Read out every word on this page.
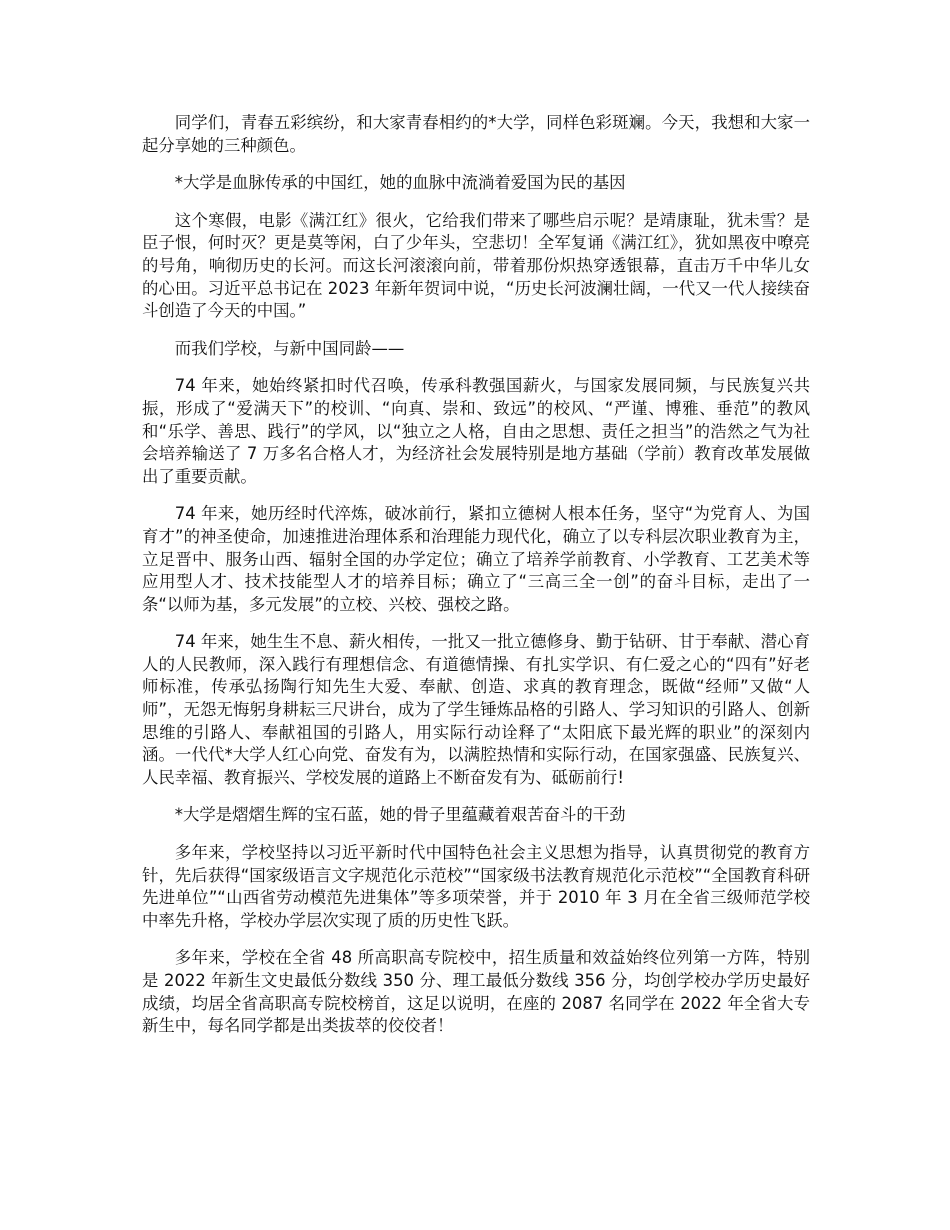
同学们，青春五彩缤纷，和大家青春相约的*大学，同样色彩斑斓。今天，我想和大家一起分享她的三种颜色。

*大学是血脉传承的中国红，她的血脉中流淌着爱国为民的基因

这个寒假，电影《满江红》很火，它给我们带来了哪些启示呢？是靖康耻，犹未雪？是臣子恨，何时灭？更是莫等闲，白了少年头，空悲切！全军复诵《满江红》，犹如黑夜中嘹亮的号角，响彻历史的长河。而这长河滚滚向前，带着那份炽热穿透银幕，直击万千中华儿女的心田。习近平总书记在 2023 年新年贺词中说，“历史长河波澜壮阔，一代又一代人接续奋斗创造了今天的中国。”

而我们学校，与新中国同龄——

74 年来，她始终紧扣时代召唤，传承科教强国薪火，与国家发展同频，与民族复兴共振，形成了“爱满天下”的校训、“向真、崇和、致远”的校风、“严谨、博雅、垂范”的教风和“乐学、善思、践行”的学风，以“独立之人格，自由之思想、责任之担当”的浩然之气为社会培养输送了 7 万多名合格人才，为经济社会发展特别是地方基础（学前）教育改革发展做出了重要贡献。

74 年来，她历经时代淬炼，破冰前行，紧扣立德树人根本任务，坚守“为党育人、为国育才”的神圣使命，加速推进治理体系和治理能力现代化，确立了以专科层次职业教育为主，立足晋中、服务山西、辐射全国的办学定位；确立了培养学前教育、小学教育、工艺美术等应用型人才、技术技能型人才的培养目标；确立了“三高三全一创”的奋斗目标，走出了一条“以师为基，多元发展”的立校、兴校、强校之路。

74 年来，她生生不息、薪火相传，一批又一批立德修身、勤于钻研、甘于奉献、潜心育人的人民教师，深入践行有理想信念、有道德情操、有扎实学识、有仁爱之心的“四有”好老师标准，传承弘扬陶行知先生大爱、奉献、创造、求真的教育理念，既做“经师”又做“人师”，无怨无悔躬身耕耘三尺讲台，成为了学生锤炼品格的引路人、学习知识的引路人、创新思维的引路人、奉献祖国的引路人，用实际行动诠释了“太阳底下最光辉的职业”的深刻内涵。一代代*大学人红心向党、奋发有为，以满腔热情和实际行动，在国家强盛、民族复兴、人民幸福、教育振兴、学校发展的道路上不断奋发有为、砥砺前行!

*大学是熠熠生辉的宝石蓝，她的骨子里蕴藏着艰苦奋斗的干劲

多年来，学校坚持以习近平新时代中国特色社会主义思想为指导，认真贯彻党的教育方针，先后获得“国家级语言文字规范化示范校”“国家级书法教育规范化示范校”“全国教育科研先进单位”“山西省劳动模范先进集体”等多项荣誉，并于 2010 年 3 月在全省三级师范学校中率先升格，学校办学层次实现了质的历史性飞跃。

多年来，学校在全省 48 所高职高专院校中，招生质量和效益始终位列第一方阵，特别是 2022 年新生文史最低分数线 350 分、理工最低分数线 356 分，均创学校办学历史最好成绩，均居全省高职高专院校榜首，这足以说明，在座的 2087 名同学在 2022 年全省大专新生中，每名同学都是出类拔萃的佼佼者！
